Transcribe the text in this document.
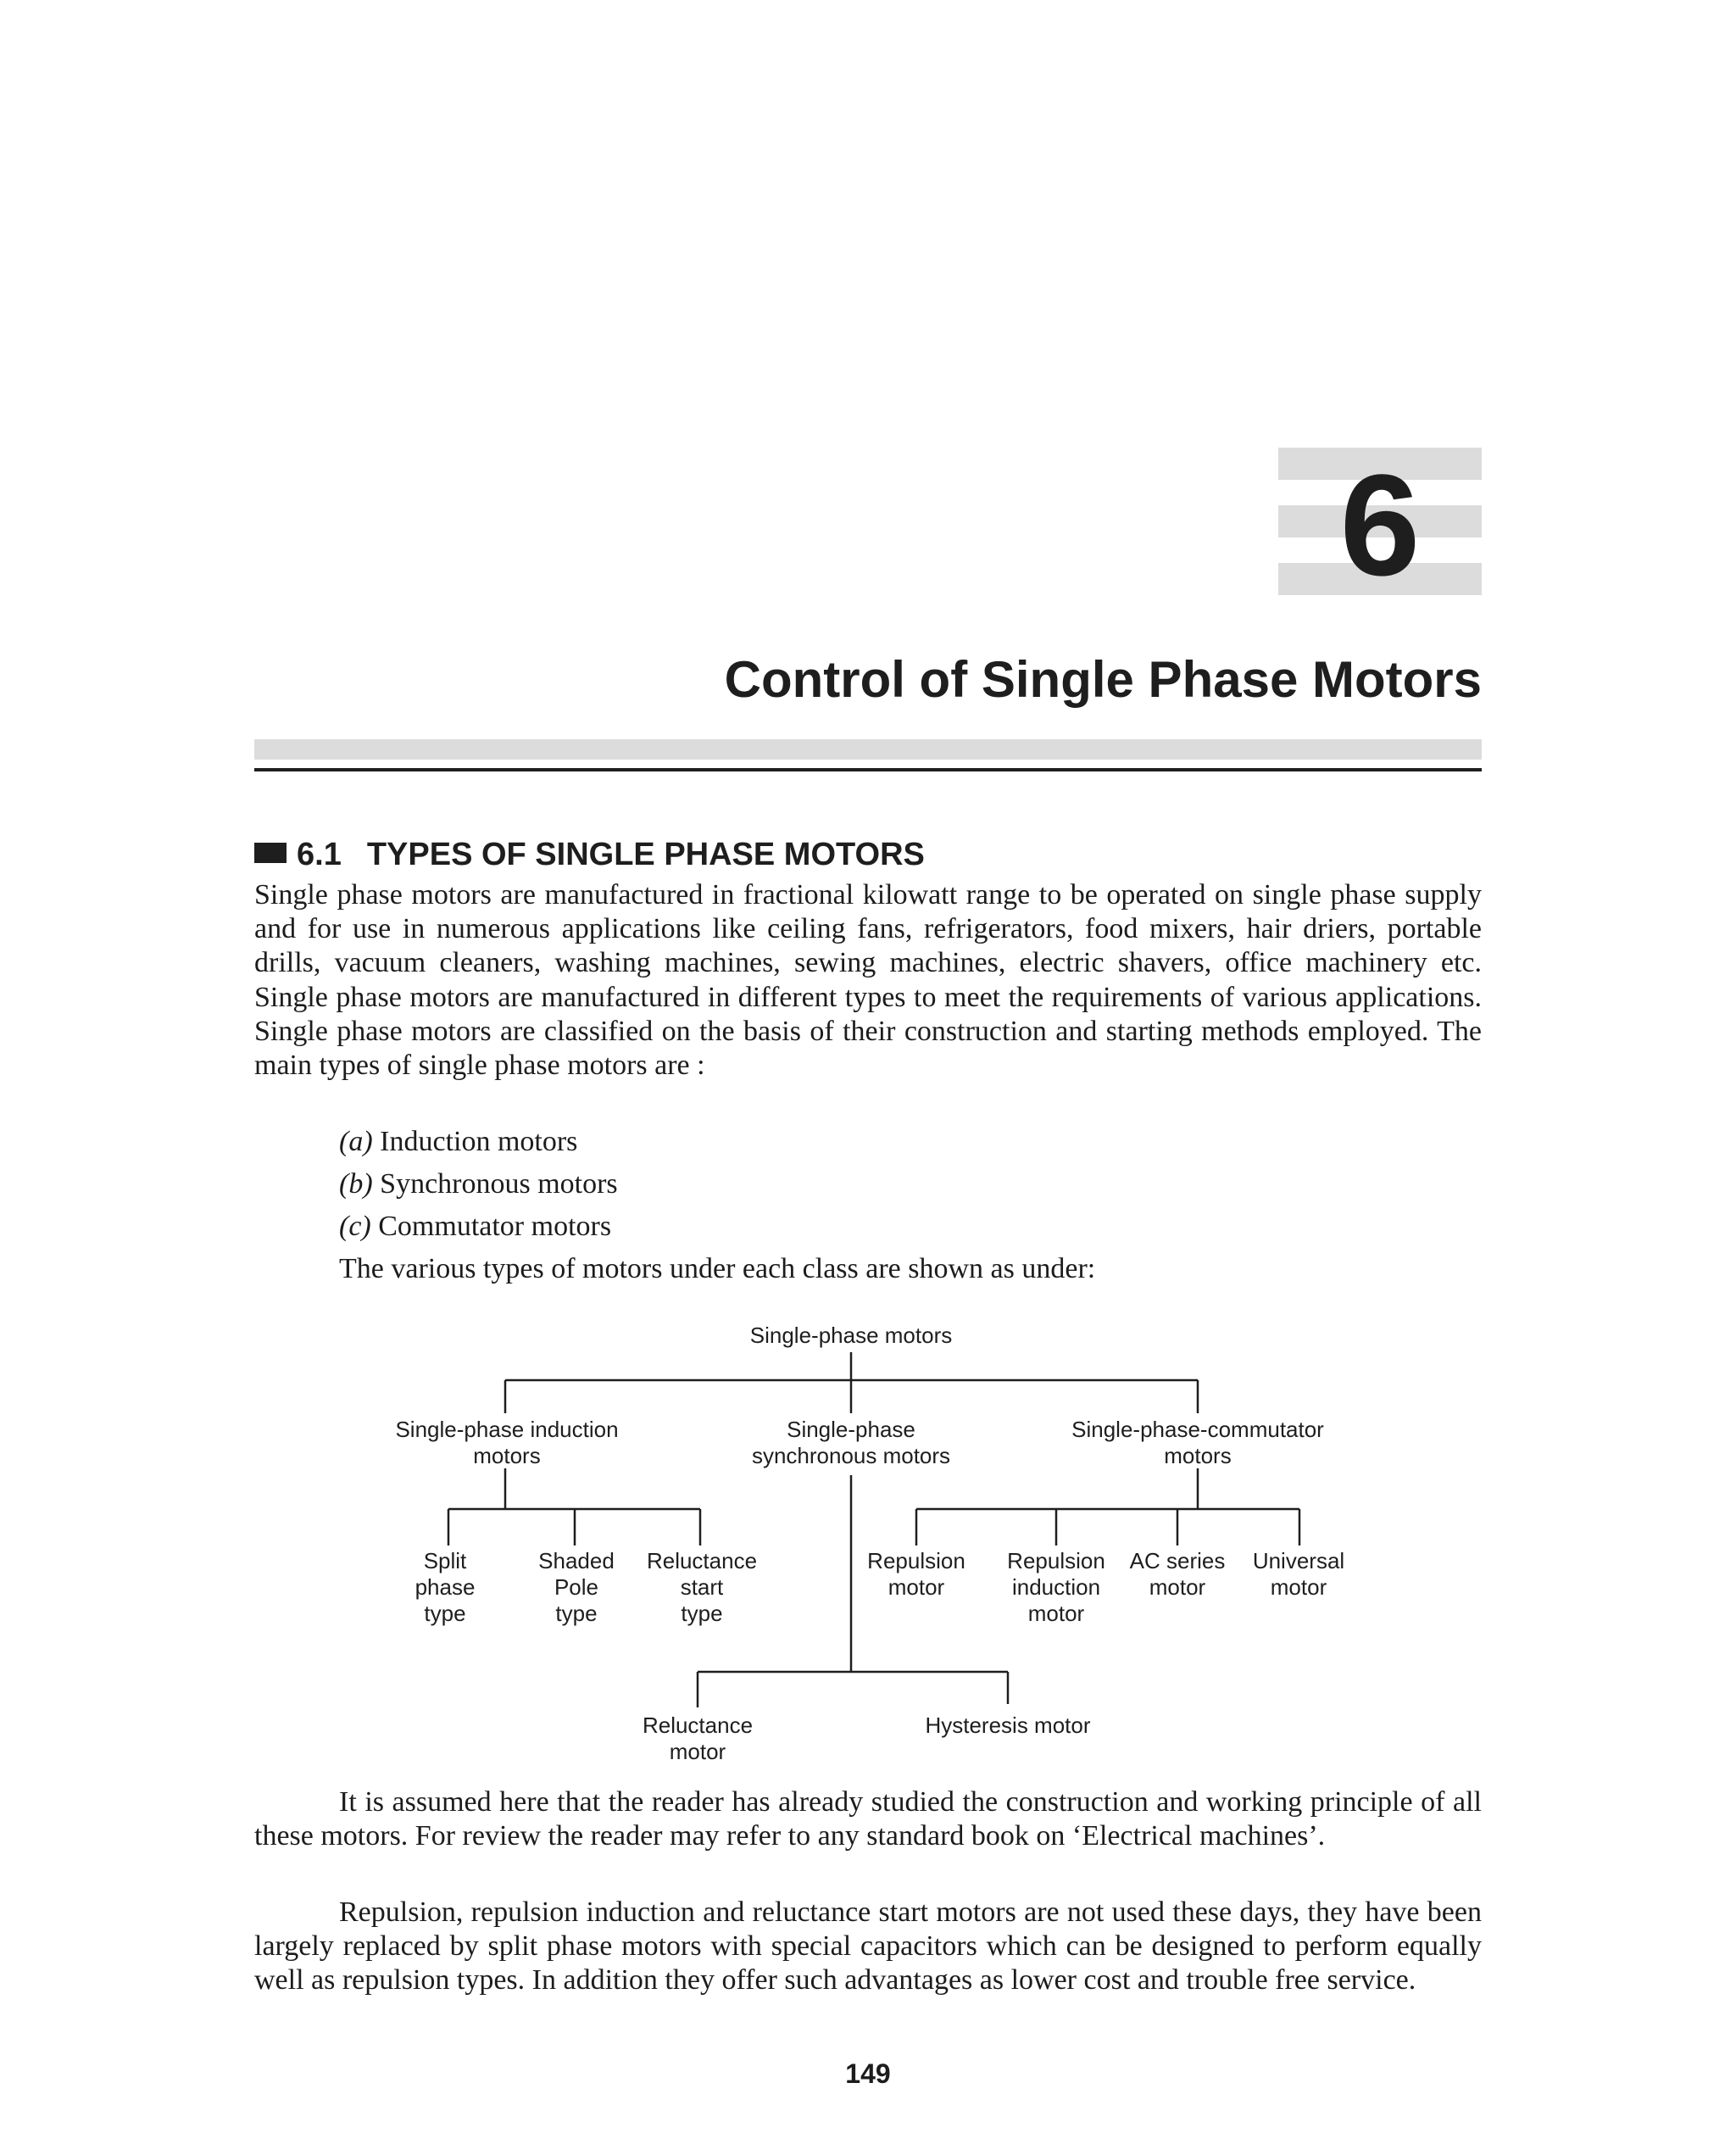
6
Control of Single Phase Motors
6.1 TYPES OF SINGLE PHASE MOTORS
Single phase motors are manufactured in fractional kilowatt range to be operated on single phase supply and for use in numerous applications like ceiling fans, refrigerators, food mixers, hair driers, portable drills, vacuum cleaners, washing machines, sewing machines, electric shavers, office machinery etc. Single phase motors are manufactured in different types to meet the requirements of various applications. Single phase motors are classified on the basis of their construction and starting methods employed. The main types of single phase motors are :
(a) Induction motors
(b) Synchronous motors
(c) Commutator motors
The various types of motors under each class are shown as under:
Single-phase motors
Single-phase induction
motors
Single-phase
synchronous motors
Single-phase-commutator
motors
Split
phase
type
Shaded
Pole
type
Reluctance
start
type
Repulsion
motor
Repulsion
induction
motor
AC series
motor
Universal
motor
Reluctance
motor
Hysteresis motor
It is assumed here that the reader has already studied the construction and working principle of all these motors. For review the reader may refer to any standard book on ‘Electrical machines’.
Repulsion, repulsion induction and reluctance start motors are not used these days, they have been largely replaced by split phase motors with special capacitors which can be designed to perform equally well as repulsion types. In addition they offer such advantages as lower cost and trouble free service.
149
